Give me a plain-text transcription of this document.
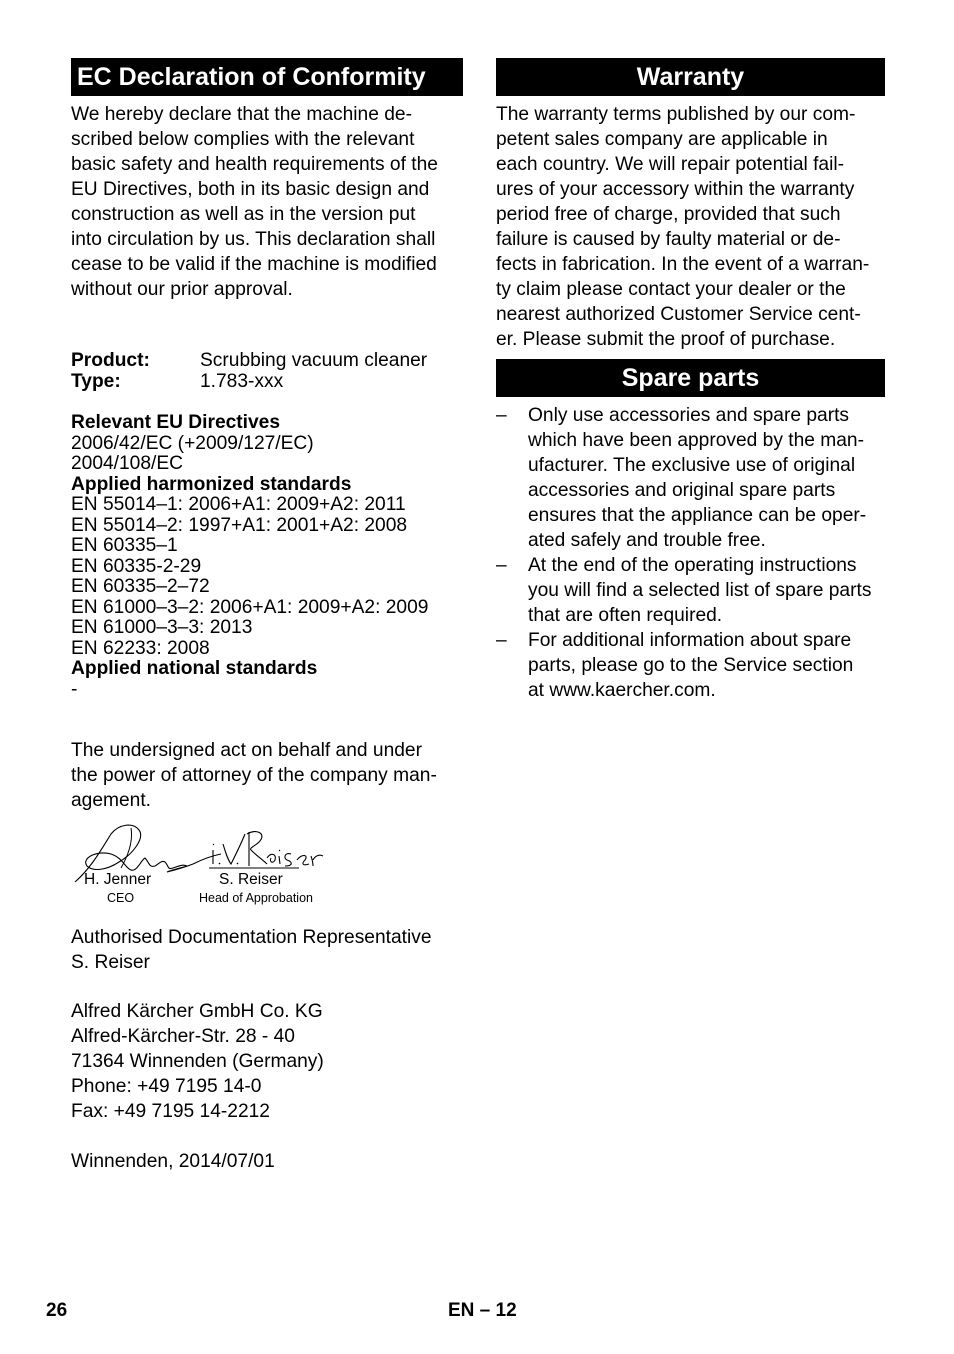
EC Declaration of Conformity

We hereby declare that the machine de-
scribed below complies with the relevant
basic safety and health requirements of the
EU Directives, both in its basic design and
construction as well as in the version put
into circulation by us. This declaration shall
cease to be valid if the machine is modified
without our prior approval.

Product:	Scrubbing vacuum cleaner
Type:	1.783-xxx
Relevant EU Directives
2006/42/EC (+2009/127/EC)
2004/108/EC
Applied harmonized standards
EN 55014–1: 2006+A1: 2009+A2: 2011
EN 55014–2: 1997+A1: 2001+A2: 2008
EN 60335–1
EN 60335-2-29
EN 60335–2–72
EN 61000–3–2: 2006+A1: 2009+A2: 2009
EN 61000–3–3: 2013
EN 62233: 2008
Applied national standards
-
The undersigned act on behalf and under
the power of attorney of the company man-
agement.
H. Jenner
CEO
S. Reiser
Head of Approbation
Authorised Documentation Representative
S. Reiser
Alfred Kärcher GmbH Co. KG
Alfred-Kärcher-Str. 28 - 40
71364 Winnenden (Germany)
Phone: +49 7195 14-0
Fax: +49 7195 14-2212
Winnenden, 2014/07/01
Warranty

The warranty terms published by our com-
petent sales company are applicable in
each country. We will repair potential fail-
ures of your accessory within the warranty
period free of charge, provided that such
failure is caused by faulty material or de-
fects in fabrication. In the event of a warran-
ty claim please contact your dealer or the
nearest authorized Customer Service cent-
er. Please submit the proof of purchase.

Spare parts
– Only use accessories and spare parts
which have been approved by the man-
ufacturer. The exclusive use of original
accessories and original spare parts
ensures that the appliance can be oper-
ated safely and trouble free.
– At the end of the operating instructions
you will find a selected list of spare parts
that are often required.
– For additional information about spare
parts, please go to the Service section
at www.kaercher.com.
26	EN – 12
